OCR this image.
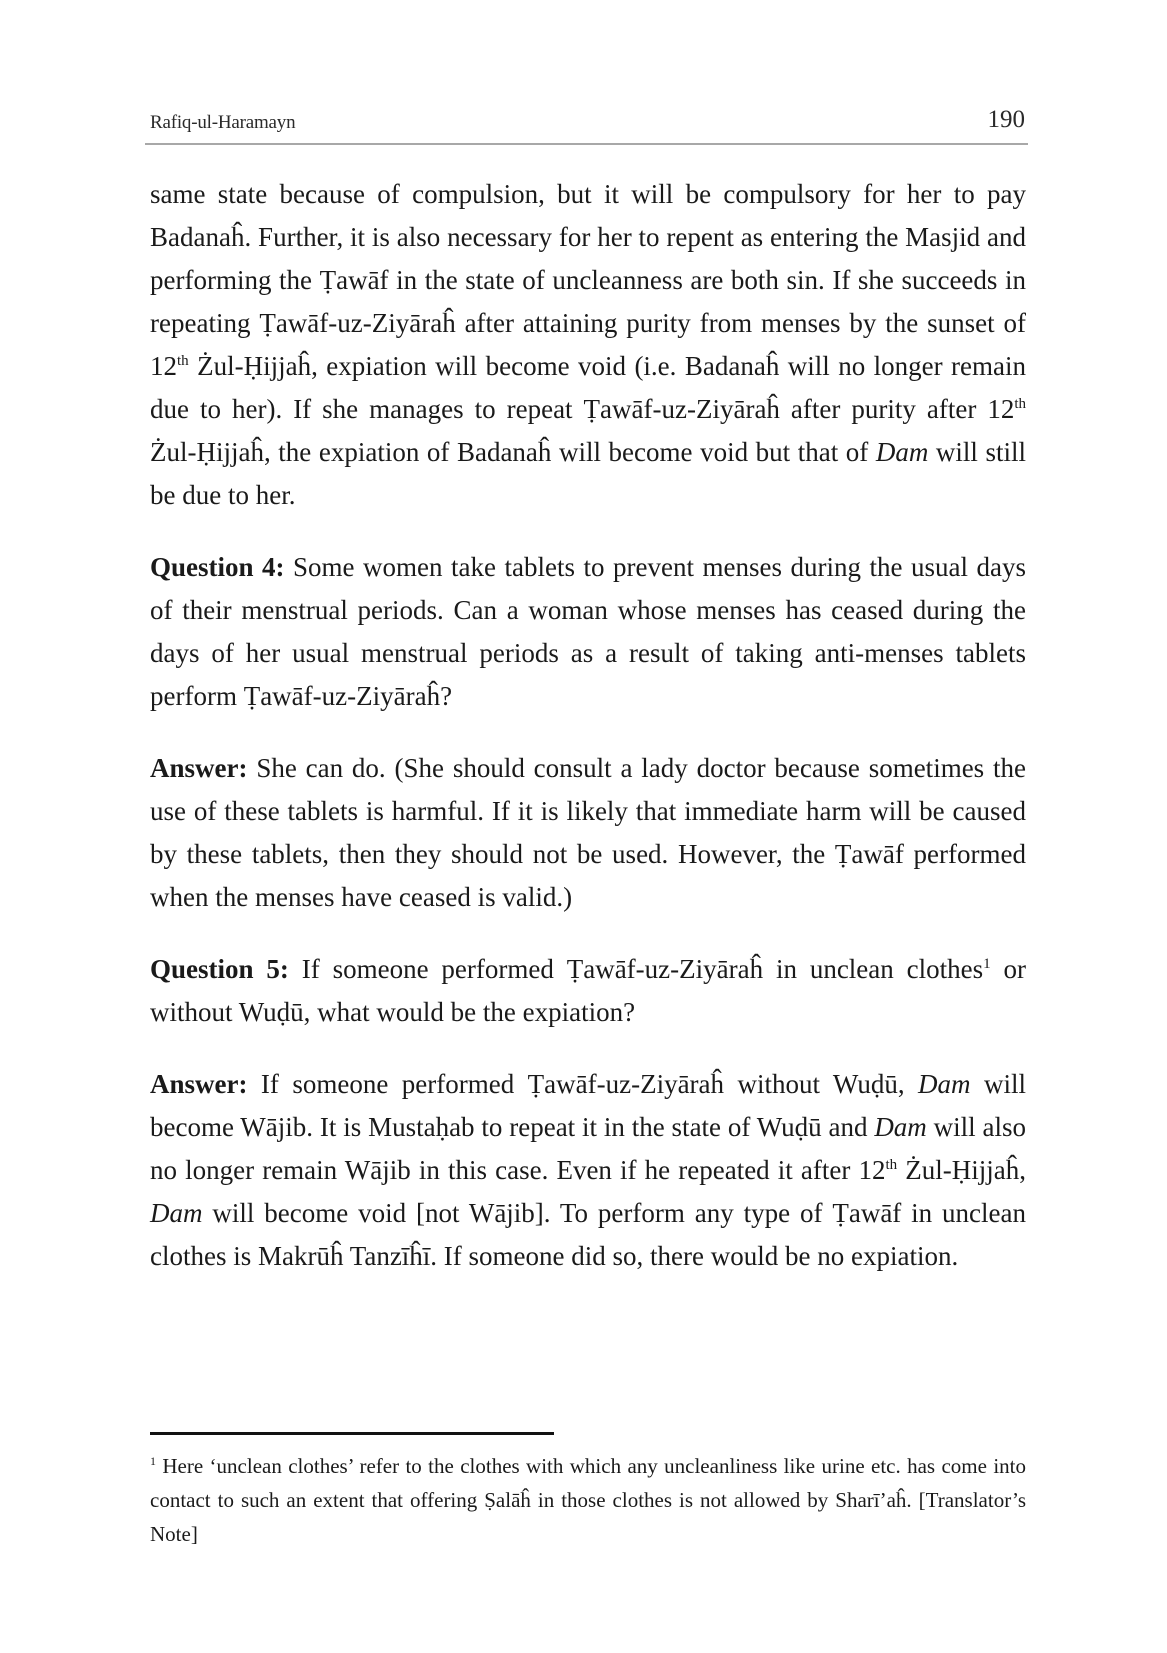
Rafiq-ul-Haramayn	190

same state because of compulsion, but it will be compulsory for her to pay Badanaĥ. Further, it is also necessary for her to repent as entering the Masjid and performing the Ṭawāf in the state of uncleanness are both sin. If she succeeds in repeating Ṭawāf-uz-Ziyāraĥ after attaining purity from menses by the sunset of 12th Żul-Ḥijjaĥ, expiation will become void (i.e. Badanaĥ will no longer remain due to her). If she manages to repeat Ṭawāf-uz-Ziyāraĥ after purity after 12th Żul-Ḥijjaĥ, the expiation of Badanaĥ will become void but that of Dam will still be due to her.

Question 4: Some women take tablets to prevent menses during the usual days of their menstrual periods. Can a woman whose menses has ceased during the days of her usual menstrual periods as a result of taking anti-menses tablets perform Ṭawāf-uz-Ziyāraĥ?

Answer: She can do. (She should consult a lady doctor because sometimes the use of these tablets is harmful. If it is likely that immediate harm will be caused by these tablets, then they should not be used. However, the Ṭawāf performed when the menses have ceased is valid.)

Question 5: If someone performed Ṭawāf-uz-Ziyāraĥ in unclean clothes$^1$ or without Wuḍū, what would be the expiation?

Answer: If someone performed Ṭawāf-uz-Ziyāraĥ without Wuḍū, Dam will become Wājib. It is Mustaḥab to repeat it in the state of Wuḍū and Dam will also no longer remain Wājib in this case. Even if he repeated it after 12th Żul-Ḥijjaĥ, Dam will become void [not Wājib]. To perform any type of Ṭawāf in unclean clothes is Makrūĥ Tanzīĥī. If someone did so, there would be no expiation.

$^1$ Here ‘unclean clothes’ refer to the clothes with which any uncleanliness like urine etc. has come into contact to such an extent that offering Ṣalāĥ in those clothes is not allowed by Sharī’aĥ. [Translator’s Note]
